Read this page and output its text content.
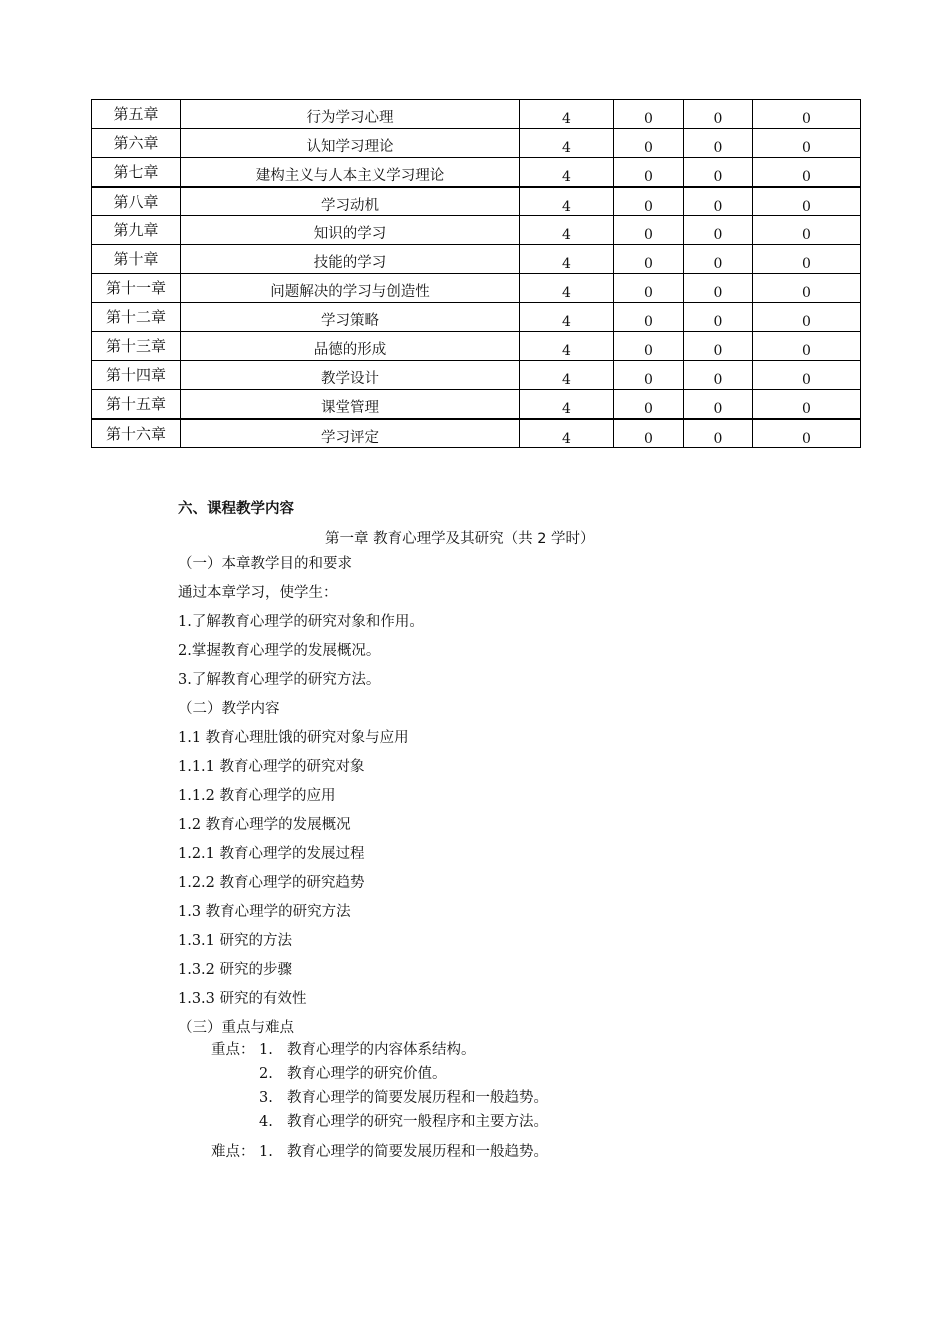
第五章	行为学习心理	4	0	0	0
第六章	认知学习理论	4	0	0	0
第七章	建构主义与人本主义学习理论	4	0	0	0
第八章	学习动机	4	0	0	0
第九章	知识的学习	4	0	0	0
第十章	技能的学习	4	0	0	0
第十一章	问题解决的学习与创造性	4	0	0	0
第十二章	学习策略	4	0	0	0
第十三章	品德的形成	4	0	0	0
第十四章	教学设计	4	0	0	0
第十五章	课堂管理	4	0	0	0
第十六章	学习评定	4	0	0	0
六、课程教学内容
第一章 教育心理学及其研究（共 2 学时）
（一）本章教学目的和要求
通过本章学习，使学生：
1.了解教育心理学的研究对象和作用。
2.掌握教育心理学的发展概况。
3.了解教育心理学的研究方法。
（二）教学内容
1.1 教育心理肚饿的研究对象与应用
1.1.1 教育心理学的研究对象
1.1.2 教育心理学的应用
1.2 教育心理学的发展概况
1.2.1 教育心理学的发展过程
1.2.2 教育心理学的研究趋势
1.3 教育心理学的研究方法
1.3.1 研究的方法
1.3.2 研究的步骤
1.3.3 研究的有效性
（三）重点与难点
重点： 1. 教育心理学的内容体系结构。
2. 教育心理学的研究价值。
3. 教育心理学的简要发展历程和一般趋势。
4. 教育心理学的研究一般程序和主要方法。
难点： 1. 教育心理学的简要发展历程和一般趋势。
